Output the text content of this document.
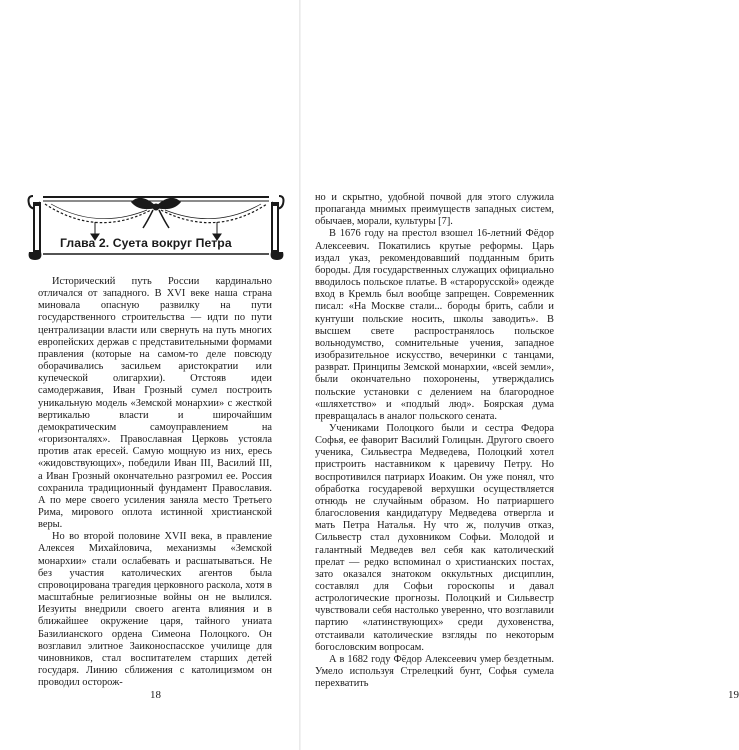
Глава 2. Суета вокруг Петра

Исторический путь России кардинально отличался от западного. В XVI веке наша страна миновала опасную развилку на пути государственного строительства — идти по пути централизации власти или свернуть на путь многих европейских держав с представительными формами правления (которые на самом-то деле повсюду оборачивались засильем аристократии или купеческой олигархии). Отстояв идеи самодержавия, Иван Грозный сумел построить уникальную модель «Земской монархии» с жесткой вертикалью власти и широчайшим демократическим самоуправлением на «горизонталях». Православная Церковь устояла против атак ересей. Самую мощную из них, ересь «жидовствующих», победили Иван III, Василий III, а Иван Грозный окончательно разгромил ее. Россия сохранила традиционный фундамент Православия. А по мере своего усиления заняла место Третьего Рима, мирового оплота истинной христианской веры.

Но во второй половине XVII века, в правление Алексея Михайловича, механизмы «Земской монархии» стали ослабевать и расшатываться. Не без участия католических агентов была спровоцирована трагедия церковного раскола, хотя в масштабные религиозные войны он не вылился. Иезуиты внедрили своего агента влияния и в ближайшее окружение царя, тайного униата Базилианского ордена Симеона Полоцкого. Он возглавил элитное Заиконоспасское училище для чиновников, стал воспитателем старших детей государя. Линию сближения с католицизмом он проводил осторож-

18	19

но и скрытно, удобной почвой для этого служила пропаганда мнимых преимуществ западных систем, обычаев, морали, культуры [7].

В 1676 году на престол взошел 16-летний Фёдор Алексеевич. Покатились крутые реформы. Царь издал указ, рекомендовавший подданным брить бороды. Для государственных служащих официально вводилось польское платье. В «старорусской» одежде вход в Кремль был вообще запрещен. Современник писал: «На Москве стали... бороды брить, сабли и кунтуши польские носить, школы заводить». В высшем свете распространялось польское вольнодумство, сомнительные учения, западное изобразительное искусство, вечеринки с танцами, разврат. Принципы Земской монархии, «всей земли», были окончательно похоронены, утверждались польские установки с делением на благородное «шляхетство» и «подлый люд». Боярская дума превращалась в аналог польского сената.

Учениками Полоцкого были и сестра Федора Софья, ее фаворит Василий Голицын. Другого своего ученика, Сильвестра Медведева, Полоцкий хотел пристроить наставником к царевичу Петру. Но воспротивился патриарх Иоаким. Он уже понял, что обработка государевой верхушки осуществляется отнюдь не случайным образом. Но патриаршего благословения кандидатуру Медведева отвергла и мать Петра Наталья. Ну что ж, получив отказ, Сильвестр стал духовником Софьи. Молодой и галантный Медведев вел себя как католический прелат — редко вспоминал о христианских постах, зато оказался знатоком оккультных дисциплин, составлял для Софьи гороскопы и давал астрологические прогнозы. Полоцкий и Сильвестр чувствовали себя настолько уверенно, что возглавили партию «латинствующих» среди духовенства, отстаивали католические взгляды по некоторым богословским вопросам.

А в 1682 году Фёдор Алексеевич умер бездетным. Умело используя Стрелецкий бунт, Софья сумела перехватить
